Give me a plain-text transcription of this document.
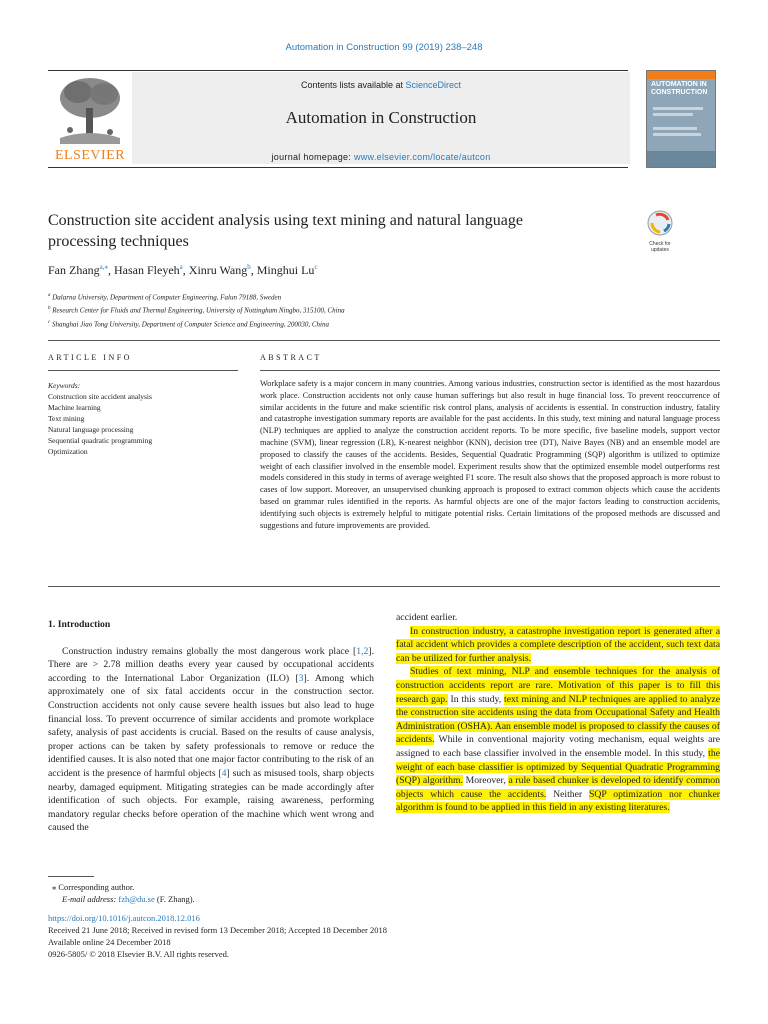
Automation in Construction 99 (2019) 238–248
ELSEVIER
Contents lists available at ScienceDirect
Automation in Construction
journal homepage: www.elsevier.com/locate/autcon
AUTOMATION IN CONSTRUCTION
Construction site accident analysis using text mining and natural language
processing techniques	Check for updates
Fan Zhang$^{a,⁎}$, Hasan Fleyeh$^a$, Xinru Wang$^b$, Minghui Lu$^c$
$^a$ Dalarna University, Department of Computer Engineering, Falun 79188, Sweden
$^b$ Research Center for Fluids and Thermal Engineering, University of Nottingham Ningbo, 315100, China
$^c$ Shanghai Jiao Tong University, Department of Computer Science and Engineering, 200030, China
ARTICLE INFO	ABSTRACT
Keywords:
Construction site accident analysis
Machine learning
Text mining
Natural language processing
Sequential quadratic programming
Optimization
Workplace safety is a major concern in many countries. Among various industries, construction sector is identified as the most hazardous work place. Construction accidents not only cause human sufferings but also result in huge financial loss. To prevent reoccurrence of similar accidents in the future and make scientific risk control plans, analysis of accidents is essential. In construction industry, fatality and catastrophe investigation summary reports are available for the past accidents. In this study, text mining and natural language process (NLP) techniques are applied to analyze the construction accident reports. To be more specific, five baseline models, support vector machine (SVM), linear regression (LR), K-nearest neighbor (KNN), decision tree (DT), Naive Bayes (NB) and an ensemble model are proposed to classify the causes of the accidents. Besides, Sequential Quadratic Programming (SQP) algorithm is utilized to optimize weight of each classifier involved in the ensemble model. Experiment results show that the optimized ensemble model outperforms rest models considered in this study in terms of average weighted F1 score. The result also shows that the proposed approach is more robust to cases of low support. Moreover, an unsupervised chunking approach is proposed to extract common objects which cause the accidents based on grammar rules identified in the reports. As harmful objects are one of the major factors leading to construction accidents, identifying such objects is extremely helpful to mitigate potential risks. Certain limitations of the proposed methods are discussed and suggestions and future improvements are provided.
1. Introduction

Construction industry remains globally the most dangerous work place [1,2]. There are > 2.78 million deaths every year caused by occupational accidents according to the International Labor Organization (ILO) [3]. Among which approximately one of six fatal accidents occur in the construction sector. Construction accidents not only cause severe health issues but also lead to huge financial loss. To prevent occurrence of similar accidents and promote workplace safety, analysis of past accidents is crucial. Based on the results of cause analysis, proper actions can be taken by safety professionals to remove or reduce the identified causes. It is also noted that one major factor contributing to the risk of an accident is the presence of harmful objects [4] such as misused tools, sharp objects nearby, damaged equipment. Mitigating strategies can be made accordingly after identification of such objects. For example, raising awareness, performing mandatory regular checks before operation of the machine which went wrong and caused the

accident earlier.

In construction industry, a catastrophe investigation report is generated after a fatal accident which provides a complete description of the accident, such text data can be utilized for further analysis.

Studies of text mining, NLP and ensemble techniques for the analysis of construction accidents report are rare. Motivation of this paper is to fill this research gap. In this study, text mining and NLP techniques are applied to analyze the construction site accidents using the data from Occupational Safety and Health Administration (OSHA). Aan ensemble model is proposed to classify the causes of accidents. While in conventional majority voting mechanism, equal weights are assigned to each base classifier involved in the ensemble model. In this study, the weight of each base classifier is optimized by Sequential Quadratic Programming (SQP) algorithm. Moreover, a rule based chunker is developed to identify common objects which cause the accidents. Neither SQP optimization nor chunker algorithm is found to be applied in this field in any existing literatures.

⁎ Corresponding author.
E-mail address: fzh@du.se (F. Zhang).
https://doi.org/10.1016/j.autcon.2018.12.016
Received 21 June 2018; Received in revised form 13 December 2018; Accepted 18 December 2018
Available online 24 December 2018
0926-5805/ © 2018 Elsevier B.V. All rights reserved.
